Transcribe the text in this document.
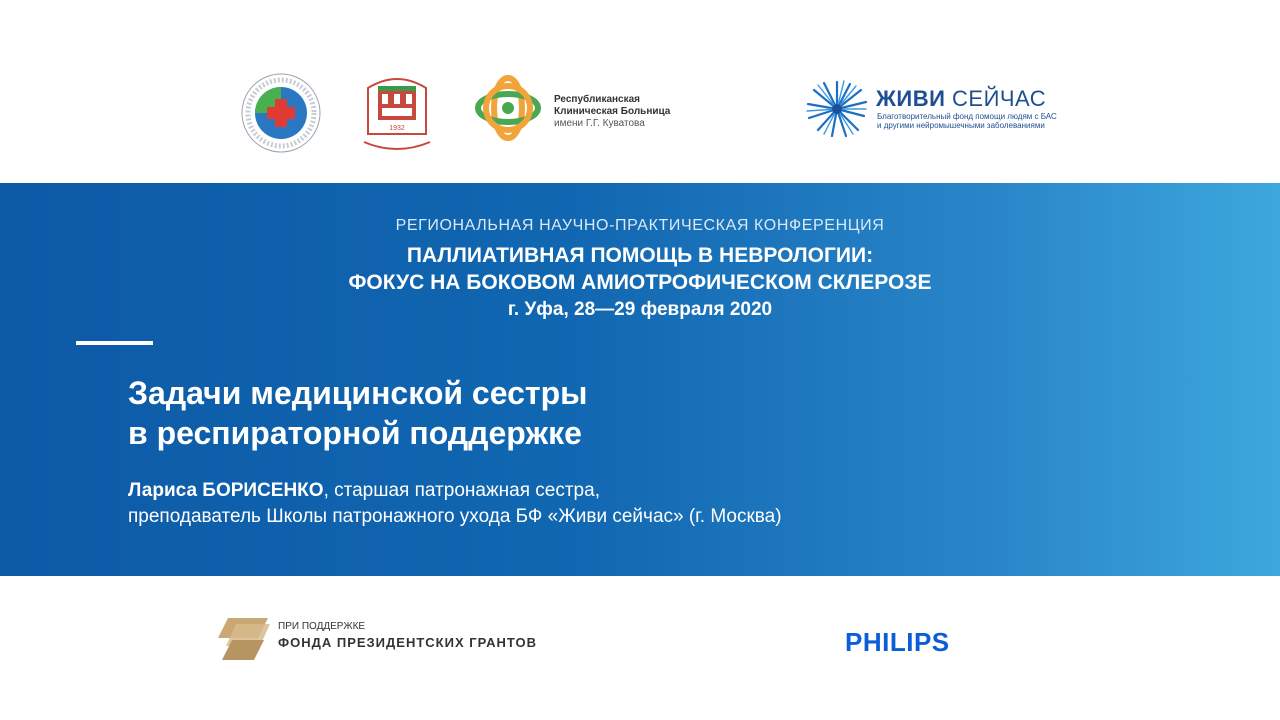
1932
Республиканская
Клиническая Больница
имени Г.Г. Куватова
ЖИВИ СЕЙЧАС
Благотворительный фонд помощи людям с БАС
и другими нейромышечными заболеваниями
РЕГИОНАЛЬНАЯ НАУЧНО-ПРАКТИЧЕСКАЯ КОНФЕРЕНЦИЯ
ПАЛЛИАТИВНАЯ ПОМОЩЬ В НЕВРОЛОГИИ:
ФОКУС НА БОКОВОМ АМИОТРОФИЧЕСКОМ СКЛЕРОЗЕ
г. Уфа, 28—29 февраля 2020
Задачи медицинской сестры
в респираторной поддержке
Лариса БОРИСЕНКО, старшая патронажная сестра,
преподаватель Школы патронажного ухода БФ «Живи сейчас» (г. Москва)
ПРИ ПОДДЕРЖКЕ
ФОНДА ПРЕЗИДЕНТСКИХ ГРАНТОВ	PHILIPS
